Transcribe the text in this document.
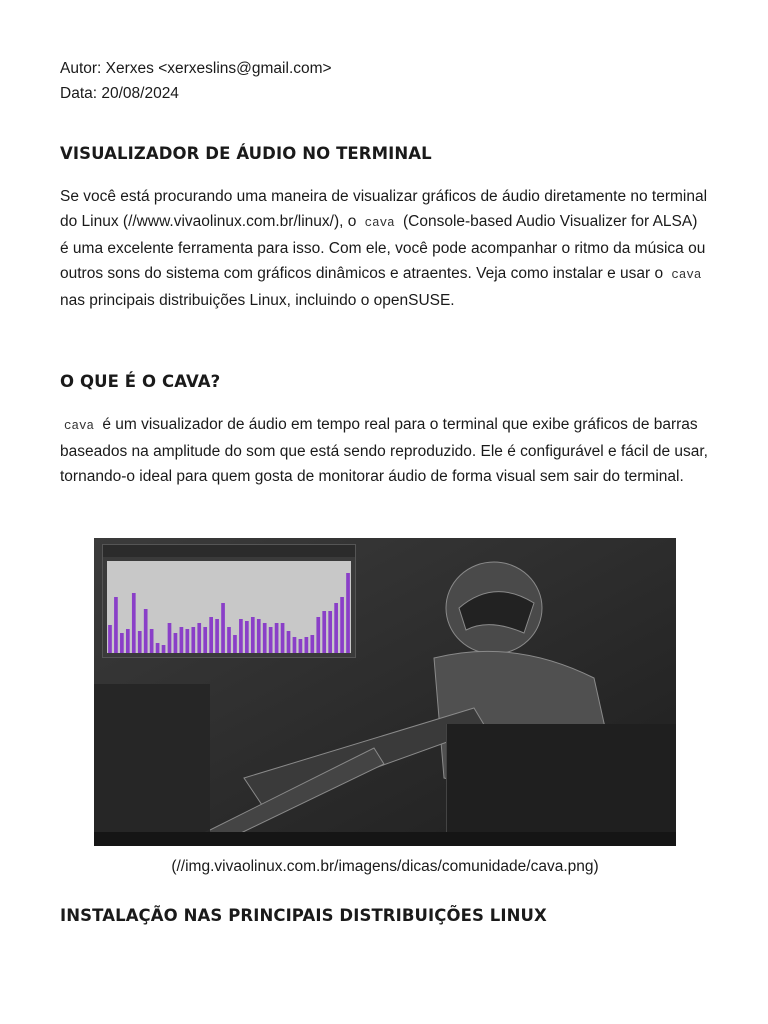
Autor: Xerxes <xerxeslins@gmail.com>
Data: 20/08/2024
VISUALIZADOR DE ÁUDIO NO TERMINAL

Se você está procurando uma maneira de visualizar gráficos de áudio diretamente no terminal do Linux (//www.vivaolinux.com.br/linux/), o cava (Console-based Audio Visualizer for ALSA) é uma excelente ferramenta para isso. Com ele, você pode acompanhar o ritmo da música ou outros sons do sistema com gráficos dinâmicos e atraentes. Veja como instalar e usar o cava nas principais distribuições Linux, incluindo o openSUSE.

O QUE É O CAVA?

cava é um visualizador de áudio em tempo real para o terminal que exibe gráficos de barras baseados na amplitude do som que está sendo reproduzido. Ele é configurável e fácil de usar, tornando-o ideal para quem gosta de monitorar áudio de forma visual sem sair do terminal.

(//img.vivaolinux.com.br/imagens/dicas/comunidade/cava.png)
INSTALAÇÃO NAS PRINCIPAIS DISTRIBUIÇÕES LINUX
